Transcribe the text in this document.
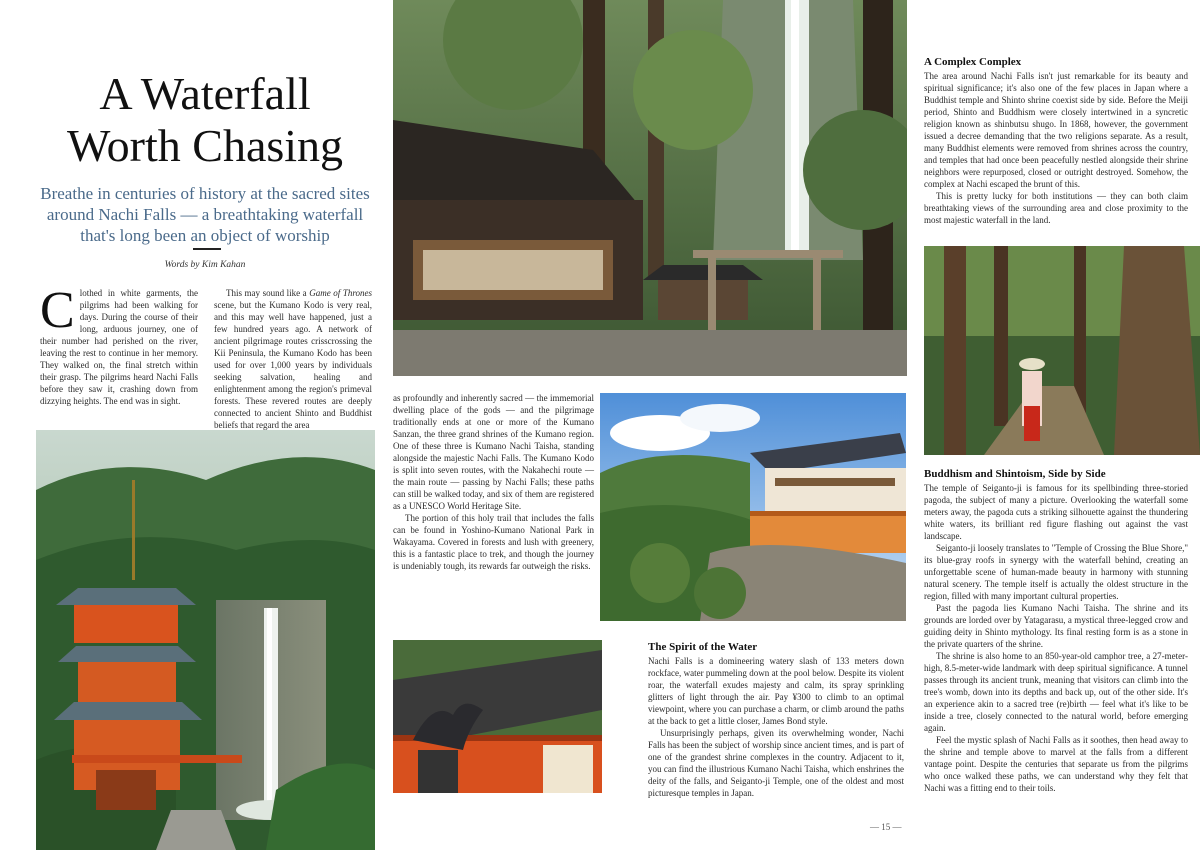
A Waterfall
Worth Chasing
Breathe in centuries of history at the sacred sites around Nachi Falls — a breathtaking waterfall that's long been an object of worship
Words by Kim Kahan
C lothed in white garments, the pilgrims had been walking for days. During the course of their long, arduous journey, one of their number had perished on the river, leaving the rest to continue in her memory. They walked on, the final stretch within their grasp. The pilgrims heard Nachi Falls before they saw it, crashing down from dizzying heights. The end was in sight.

This may sound like a Game of Thrones scene, but the Kumano Kodo is very real, and this may well have happened, just a few hundred years ago. A network of ancient pilgrimage routes crisscrossing the Kii Peninsula, the Kumano Kodo has been used for over 1,000 years by individuals seeking salvation, healing and enlightenment among the region's primeval forests. These revered routes are deeply connected to ancient Shinto and Buddhist beliefs that regard the area

as profoundly and inherently sacred — the immemorial dwelling place of the gods — and the pilgrimage traditionally ends at one or more of the Kumano Sanzan, the three grand shrines of the Kumano region. One of these three is Kumano Nachi Taisha, standing alongside the majestic Nachi Falls. The Kumano Kodo is split into seven routes, with the Nakahechi route — the main route — passing by Nachi Falls; these paths can still be walked today, and six of them are registered as a UNESCO World Heritage Site.

The portion of this holy trail that includes the falls can be found in Yoshino-Kumano National Park in Wakayama. Covered in forests and lush with greenery, this is a fantastic place to trek, and though the journey is undeniably tough, its rewards far outweigh the risks.

The Spirit of the Water

Nachi Falls is a domineering watery slash of 133 meters down rockface, water pummeling down at the pool below. Despite its violent roar, the waterfall exudes majesty and calm, its spray sprinkling glitters of light through the air. Pay ¥300 to climb to an optimal viewpoint, where you can purchase a charm, or climb around the paths at the back to get a little closer, James Bond style.

Unsurprisingly perhaps, given its overwhelming wonder, Nachi Falls has been the subject of worship since ancient times, and is part of one of the grandest shrine complexes in the country. Adjacent to it, you can find the illustrious Kumano Nachi Taisha, which enshrines the deity of the falls, and Seiganto-ji Temple, one of the oldest and most picturesque temples in Japan.

A Complex Complex

The area around Nachi Falls isn't just remarkable for its beauty and spiritual significance; it's also one of the few places in Japan where a Buddhist temple and Shinto shrine coexist side by side. Before the Meiji period, Shinto and Buddhism were closely intertwined in a syncretic religion known as shinbutsu shugo. In 1868, however, the government issued a decree demanding that the two religions separate. As a result, many Buddhist elements were removed from shrines across the country, and temples that had once been peacefully nestled alongside their shrine neighbors were repurposed, closed or outright destroyed. Somehow, the complex at Nachi escaped the brunt of this.

This is pretty lucky for both institutions — they can both claim breathtaking views of the surrounding area and close proximity to the most majestic waterfall in the land.

Buddhism and Shintoism, Side by Side

The temple of Seiganto-ji is famous for its spellbinding three-storied pagoda, the subject of many a picture. Overlooking the waterfall some meters away, the pagoda cuts a striking silhouette against the thundering white waters, its brilliant red figure flashing out against the vast landscape.

Seiganto-ji loosely translates to "Temple of Crossing the Blue Shore," its blue-gray roofs in synergy with the waterfall behind, creating an unforgettable scene of human-made beauty in harmony with stunning natural scenery. The temple itself is actually the oldest structure in the region, filled with many important cultural properties.

Past the pagoda lies Kumano Nachi Taisha. The shrine and its grounds are lorded over by Yatagarasu, a mystical three-legged crow and guiding deity in Shinto mythology. Its final resting form is as a stone in the private quarters of the shrine.

The shrine is also home to an 850-year-old camphor tree, a 27-meter-high, 8.5-meter-wide landmark with deep spiritual significance. A tunnel passes through its ancient trunk, meaning that visitors can climb into the tree's womb, down into its depths and back up, out of the other side. It's an experience akin to a sacred tree (re)birth — feel what it's like to be inside a tree, closely connected to the natural world, before emerging again.

Feel the mystic splash of Nachi Falls as it soothes, then head away to the shrine and temple above to marvel at the falls from a different vantage point. Despite the centuries that separate us from the pilgrims who once walked these paths, we can understand why they felt that Nachi was a fitting end to their toils.

— 15 —
